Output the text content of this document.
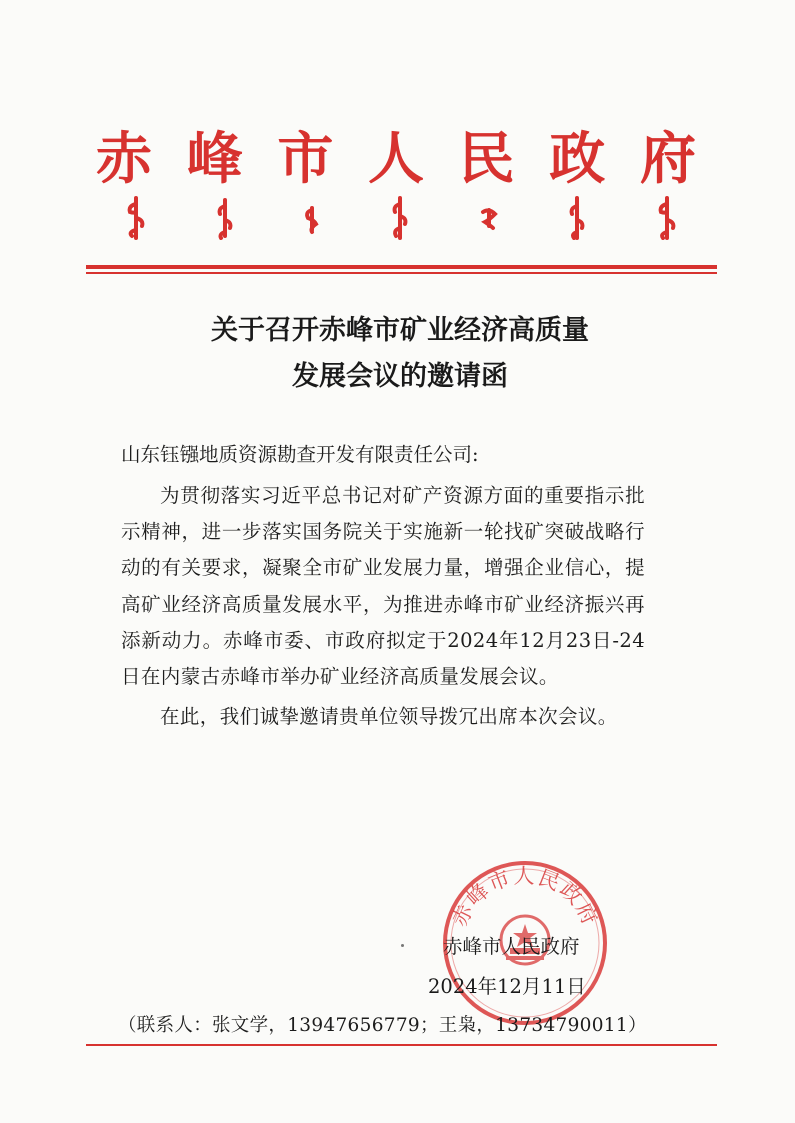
赤 峰 市 人 民 政 府
关于召开赤峰市矿业经济高质量
发展会议的邀请函
山东钰镪地质资源勘查开发有限责任公司:

为贯彻落实习近平总书记对矿产资源方面的重要指示批示精神，进一步落实国务院关于实施新一轮找矿突破战略行动的有关要求，凝聚全市矿业发展力量，增强企业信心，提高矿业经济高质量发展水平，为推进赤峰市矿业经济振兴再添新动力。赤峰市委、市政府拟定于2024年12月23日-24日在内蒙古赤峰市举办矿业经济高质量发展会议。

在此，我们诚挚邀请贵单位领导拨冗出席本次会议。

赤峰市人民政府
赤峰市人民政府
2024年12月11日
（联系人：张文学，13947656779；王枭，13734790011）
